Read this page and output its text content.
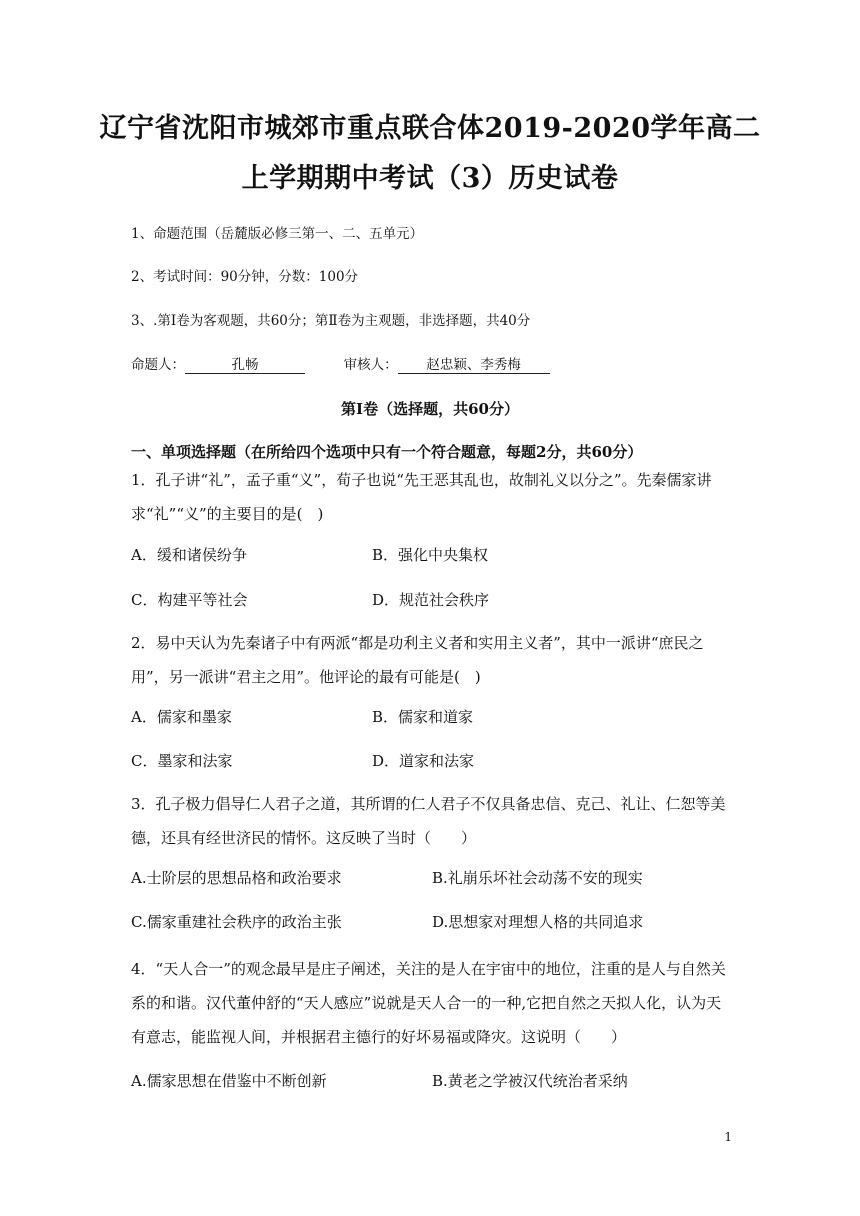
辽宁省沈阳市城郊市重点联合体2019-2020学年高二
上学期期中考试（3）历史试卷
1、命题范围（岳麓版必修三第一、二、五单元）
2、考试时间：90分钟，分数：100分
3、.第Ⅰ卷为客观题，共60分；第Ⅱ卷为主观题，非选择题，共40分
命题人：	孔畅	审核人： 赵忠颖、李秀梅
第Ⅰ卷（选择题，共60分）
一、单项选择题（在所给四个选项中只有一个符合题意，每题2分，共60分）
1．孔子讲“礼”，孟子重“义”，荀子也说“先王恶其乱也，故制礼义以分之”。先秦儒家讲求“礼”“义”的主要目的是(　)
A．缓和诸侯纷争	B．强化中央集权
C．构建平等社会	D．规范社会秩序
2．易中天认为先秦诸子中有两派“都是功利主义者和实用主义者”，其中一派讲“庶民之用”，另一派讲“君主之用”。他评论的最有可能是(　)
A．儒家和墨家	B．儒家和道家
C．墨家和法家	D．道家和法家
3．孔子极力倡导仁人君子之道，其所谓的仁人君子不仅具备忠信、克己、礼让、仁恕等美德，还具有经世济民的情怀。这反映了当时（　　）
A.士阶层的思想品格和政治要求	B.礼崩乐坏社会动荡不安的现实
C.儒家重建社会秩序的政治主张	D.思想家对理想人格的共同追求
4．“天人合一”的观念最早是庄子阐述，关注的是人在宇宙中的地位，注重的是人与自然关系的和谐。汉代董仲舒的“天人感应”说就是天人合一的一种,它把自然之天拟人化，认为天有意志，能监视人间，并根据君主德行的好坏易福或降灾。这说明（　　）
A.儒家思想在借鉴中不断创新	B.黄老之学被汉代统治者采纳
1
